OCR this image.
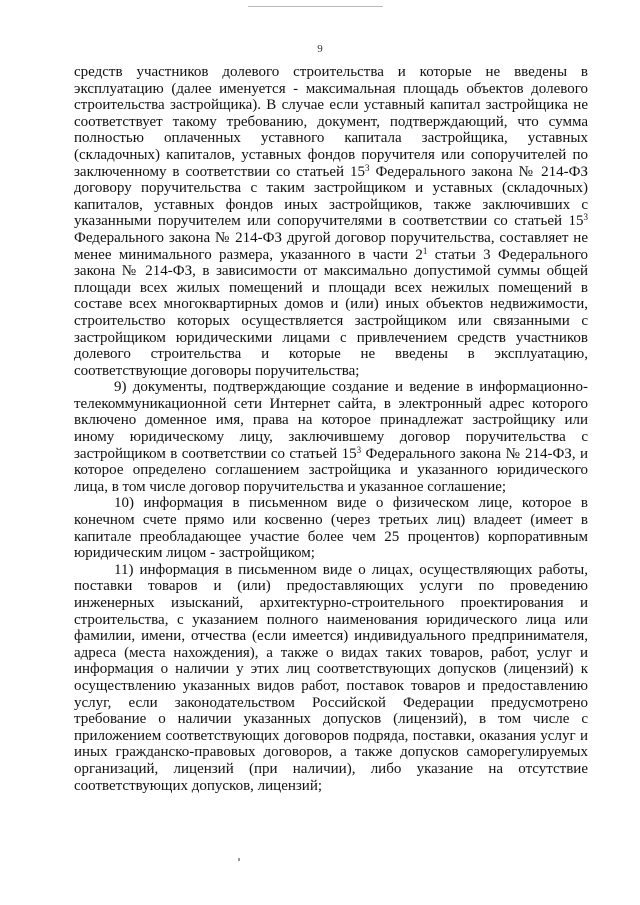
9

средств участников долевого строительства и которые не введены в эксплуатацию (далее именуется - максимальная площадь объектов долевого строительства застройщика). В случае если уставный капитал застройщика не соответствует такому требованию, документ, подтверждающий, что сумма полностью оплаченных уставного капитала застройщика, уставных (складочных) капиталов, уставных фондов поручителя или сопоручителей по заключенному в соответствии со статьей $15^3$ Федерального закона № 214-ФЗ договору поручительства с таким застройщиком и уставных (складочных) капиталов, уставных фондов иных застройщиков, также заключивших с указанными поручителем или сопоручителями в соответствии со статьей $15^3$ Федерального закона № 214-ФЗ другой договор поручительства, составляет не менее минимального размера, указанного в части $2^1$ статьи 3 Федерального закона № 214-ФЗ, в зависимости от максимально допустимой суммы общей площади всех жилых помещений и площади всех нежилых помещений в составе всех многоквартирных домов и (или) иных объектов недвижимости, строительство которых осуществляется застройщиком или связанными с застройщиком юридическими лицами с привлечением средств участников долевого строительства и которые не введены в эксплуатацию, соответствующие договоры поручительства;

9) документы, подтверждающие создание и ведение в информационно-телекоммуникационной сети Интернет сайта, в электронный адрес которого включено доменное имя, права на которое принадлежат застройщику или иному юридическому лицу, заключившему договор поручительства с застройщиком в соответствии со статьей $15^3$ Федерального закона № 214-ФЗ, и которое определено соглашением застройщика и указанного юридического лица, в том числе договор поручительства и указанное соглашение;

10) информация в письменном виде о физическом лице, которое в конечном счете прямо или косвенно (через третьих лиц) владеет (имеет в капитале преобладающее участие более чем 25 процентов) корпоративным юридическим лицом - застройщиком;

11) информация в письменном виде о лицах, осуществляющих работы, поставки товаров и (или) предоставляющих услуги по проведению инженерных изысканий, архитектурно-строительного проектирования и строительства, с указанием полного наименования юридического лица или фамилии, имени, отчества (если имеется) индивидуального предпринимателя, адреса (места нахождения), а также о видах таких товаров, работ, услуг и информация о наличии у этих лиц соответствующих допусков (лицензий) к осуществлению указанных видов работ, поставок товаров и предоставлению услуг, если законодательством Российской Федерации предусмотрено требование о наличии указанных допусков (лицензий), в том числе с приложением соответствующих договоров подряда, поставки, оказания услуг и иных гражданско-правовых договоров, а также допусков саморегулируемых организаций, лицензий (при наличии), либо указание на отсутствие соответствующих допусков, лицензий;
